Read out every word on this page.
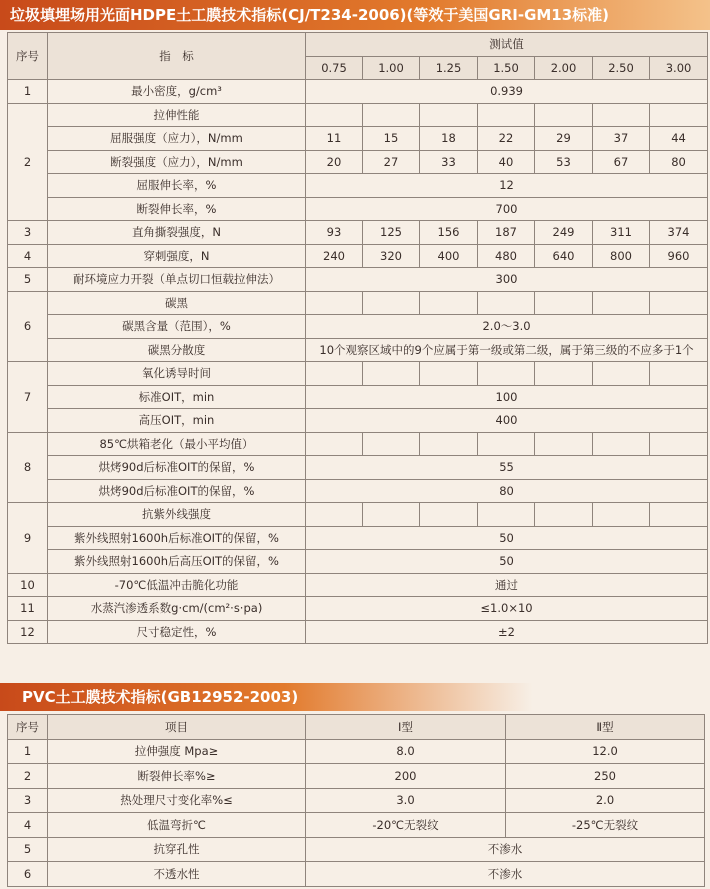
垃圾填埋场用光面HDPE土工膜技术指标(CJ/T234-2006)(等效于美国GRI-GM13标准)
序号	指　标	测试值						
		0.75	1.00	1.25	1.50	2.00	2.50	3.00
1	最小密度，g/cm³	0.939						
2	拉伸性能							
	屈服强度（应力），N/mm	11	15	18	22	29	37	44
	断裂强度（应力），N/mm	20	27	33	40	53	67	80
	屈服伸长率，%	12						
	断裂伸长率，%	700						
3	直角撕裂强度，N	93	125	156	187	249	311	374
4	穿刺强度，N	240	320	400	480	640	800	960
5	耐环境应力开裂（单点切口恒载拉伸法）	300						
6	碳黑							
	碳黑含量（范围），%	2.0～3.0						
	碳黑分散度	10个观察区域中的9个应属于第一级或第二级，属于第三级的不应多于1个						
7	氧化诱导时间							
	标准OIT，min	100						
	高压OIT，min	400						
8	85℃烘箱老化（最小平均值）							
	烘烤90d后标准OIT的保留，%	55						
	烘烤90d后标准OIT的保留，%	80						
9	抗紫外线强度							
	紫外线照射1600h后标准OIT的保留，%	50						
	紫外线照射1600h后高压OIT的保留，%	50						
10	-70℃低温冲击脆化功能	通过						
11	水蒸汽渗透系数g·cm/(cm²·s·pa)	≤1.0×10						
12	尺寸稳定性，%	±2						
PVC土工膜技术指标(GB12952-2003)
序号	项目	Ⅰ型	Ⅱ型
1	拉伸强度 Mpa≥	8.0	12.0
2	断裂伸长率%≥	200	250
3	热处理尺寸变化率%≤	3.0	2.0
4	低温弯折℃	-20℃无裂纹	-25℃无裂纹
5	抗穿孔性	不渗水	
6	不透水性	不渗水	
